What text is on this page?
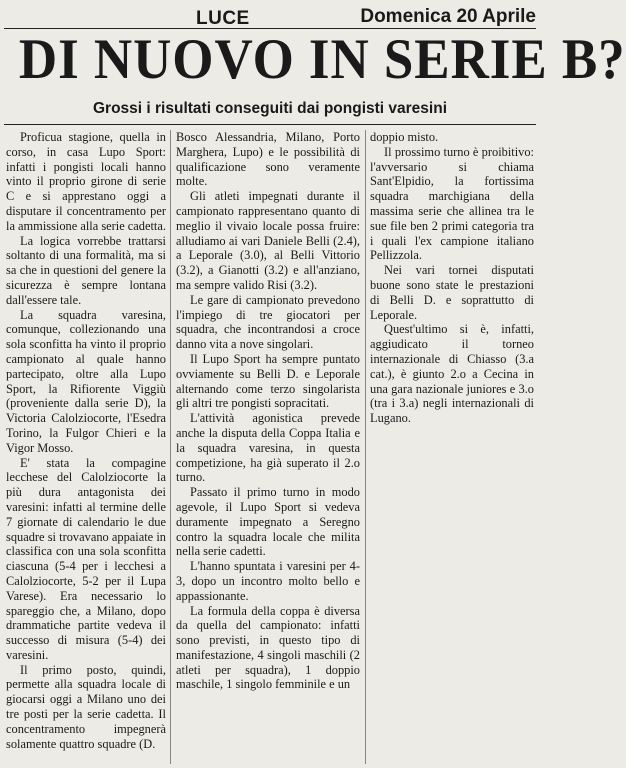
LUCE	Domenica 20 Aprile
DI NUOVO IN SERIE B?
Grossi i risultati conseguiti dai pongisti varesini

Proficua stagione, quella in corso, in casa Lupo Sport: infatti i pongisti locali hanno vinto il proprio girone di serie C e si apprestano oggi a disputare il concentramento per la ammissione alla serie cadetta.

La logica vorrebbe trattarsi soltanto di una formalità, ma si sa che in questioni del genere la sicurezza è sempre lontana dall'essere tale.

La squadra varesina, comunque, collezionando una sola sconfitta ha vinto il proprio campionato al quale hanno partecipato, oltre alla Lupo Sport, la Rifiorente Viggiù (proveniente dalla serie D), la Victoria Calolziocorte, l'Esedra Torino, la Fulgor Chieri e la Vigor Mosso.

E' stata la compagine lecchese del Calolziocorte la più dura antagonista dei varesini: infatti al termine delle 7 giornate di calendario le due squadre si trovavano appaiate in classifica con una sola sconfitta ciascuna (5-4 per i lecchesi a Calolziocorte, 5-2 per il Lupa Varese). Era necessario lo spareggio che, a Milano, dopo drammatiche partite vedeva il successo di misura (5-4) dei varesini.

Il primo posto, quindi, permette alla squadra locale di giocarsi oggi a Milano uno dei tre posti per la serie cadetta. Il concentramento impegnerà solamente quattro squadre (D.

Bosco Alessandria, Milano, Porto Marghera, Lupo) e le possibilità di qualificazione sono veramente molte.

Gli atleti impegnati durante il campionato rappresentano quanto di meglio il vivaio locale possa fruire: alludiamo ai vari Daniele Belli (2.4), a Leporale (3.0), al Belli Vittorio (3.2), a Gianotti (3.2) e all'anziano, ma sempre valido Risi (3.2).

Le gare di campionato prevedono l'impiego di tre giocatori per squadra, che incontrandosi a croce danno vita a nove singolari.

Il Lupo Sport ha sempre puntato ovviamente su Belli D. e Leporale alternando come terzo singolarista gli altri tre pongisti sopracitati.

L'attività agonistica prevede anche la disputa della Coppa Italia e la squadra varesina, in questa competizione, ha già superato il 2.o turno.

Passato il primo turno in modo agevole, il Lupo Sport si vedeva duramente impegnato a Seregno contro la squadra locale che milita nella serie cadetti.

L'hanno spuntata i varesini per 4-3, dopo un incontro molto bello e appassionante.

La formula della coppa è diversa da quella del campionato: infatti sono previsti, in questo tipo di manifestazione, 4 singoli maschili (2 atleti per squadra), 1 doppio maschile, 1 singolo femminile e un

doppio misto.

Il prossimo turno è proibitivo: l'avversario si chiama Sant'Elpidio, la fortissima squadra marchigiana della massima serie che allinea tra le sue file ben 2 primi categoria tra i quali l'ex campione italiano Pellizzola.

Nei vari tornei disputati buone sono state le prestazioni di Belli D. e soprattutto di Leporale.

Quest'ultimo si è, infatti, aggiudicato il torneo internazionale di Chiasso (3.a cat.), è giunto 2.o a Cecina in una gara nazionale juniores e 3.o (tra i 3.a) negli internazionali di Lugano.
